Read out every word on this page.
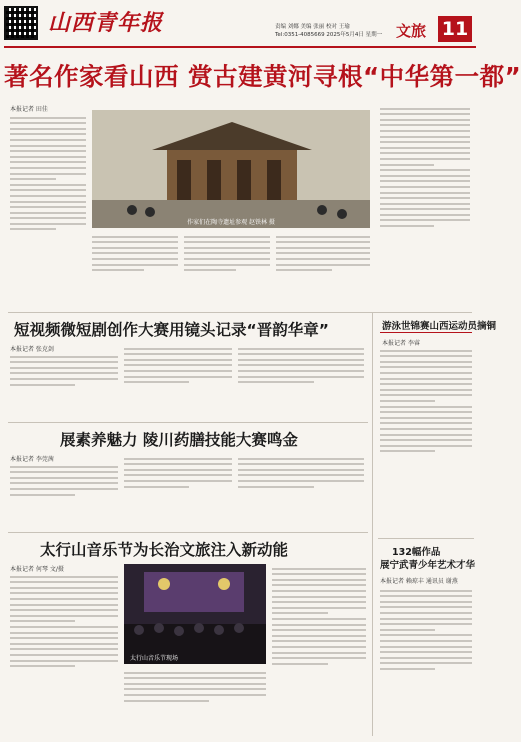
山西青年报	责编 刘娜 美编 张丽 校对 王瑜
Tel:0351-4085669 2025年5月4日 星期一 文旅 11
著名作家看山西 赏古建黄河寻根“中华第一都”
本报记者 田佳
作家们在陶寺遗址参观 赵铁林 摄
短视频微短剧创作大赛用镜头记录“晋韵华章”
本报记者 张克剑
展素养魅力 陵川药膳技能大赛鸣金
本报记者 李莞茜
太行山音乐节为长治文旅注入新动能
本报记者 何琴 文/摄
太行山音乐节现场
游泳世锦赛山西运动员摘铜
本报记者 李睿
132幅作品
展宁武青少年艺术才华
本报记者 赖琼丰 通讯员 谢燕
